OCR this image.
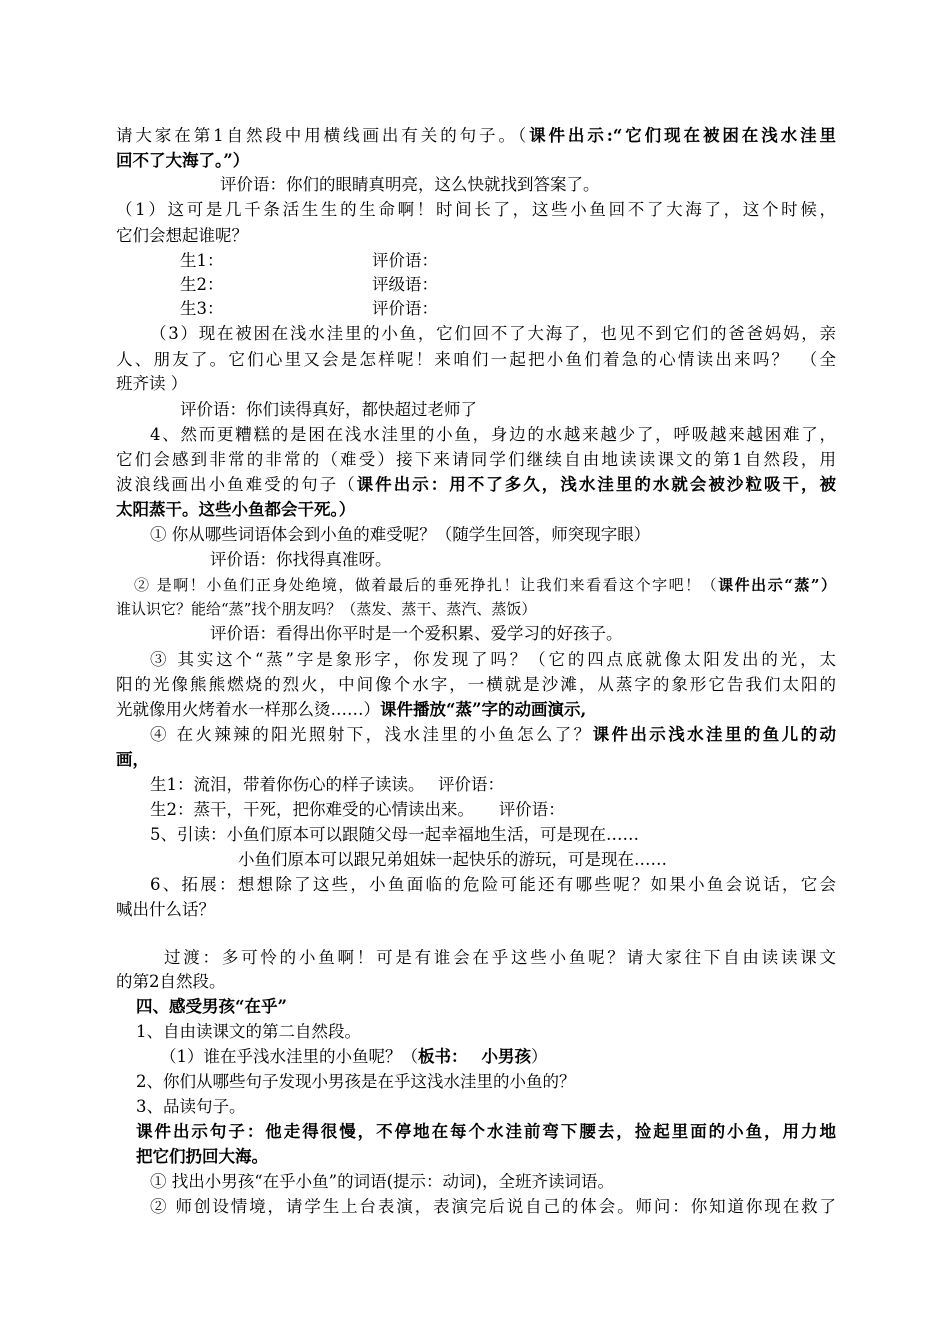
请大家在第1自然段中用横线画出有关的句子。（课件出示:“它们现在被困在浅水洼里
回不了大海了。”）
评价语：你们的眼睛真明亮，这么快就找到答案了。
（1）这可是几千条活生生的生命啊！时间长了，这些小鱼回不了大海了，这个时候，
它们会想起谁呢？
生1：	评价语：
生2：	评级语：
生3：	评价语：
（3）现在被困在浅水洼里的小鱼，它们回不了大海了，也见不到它们的爸爸妈妈，亲
人、朋友了。它们心里又会是怎样呢！来咱们一起把小鱼们着急的心情读出来吗？　（全
班齐读 ）
评价语：你们读得真好，都快超过老师了
4、然而更糟糕的是困在浅水洼里的小鱼，身边的水越来越少了，呼吸越来越困难了，
它们会感到非常的非常的（难受）接下来请同学们继续自由地读读课文的第1自然段，用
波浪线画出小鱼难受的句子（课件出示：用不了多久，浅水洼里的水就会被沙粒吸干，被
太阳蒸干。这些小鱼都会干死。）
① 你从哪些词语体会到小鱼的难受呢？（随学生回答，师突现字眼）
评价语：你找得真准呀。
② 是啊！小鱼们正身处绝境，做着最后的垂死挣扎！让我们来看看这个字吧！（课件出示“蒸”）
谁认识它？能给“蒸”找个朋友吗？（蒸发、蒸干、蒸汽、蒸饭）
评价语：看得出你平时是一个爱积累、爱学习的好孩子。
③ 其实这个“蒸”字是象形字，你发现了吗？（它的四点底就像太阳发出的光，太
阳的光像熊熊燃烧的烈火，中间像个水字，一横就是沙滩，从蒸字的象形它告我们太阳的
光就像用火烤着水一样那么烫……）课件播放“蒸”字的动画演示,
④ 在火辣辣的阳光照射下，浅水洼里的小鱼怎么了？课件出示浅水洼里的鱼儿的动
画，
生1：流泪，带着你伤心的样子读读。　 评价语：
生2：蒸干，干死，把你难受的心情读出来。　　评价语：
5、引读：小鱼们原本可以跟随父母一起幸福地生活，可是现在……
小鱼们原本可以跟兄弟姐妹一起快乐的游玩，可是现在……
6、拓展：想想除了这些，小鱼面临的危险可能还有哪些呢？如果小鱼会说话，它会
喊出什么话？
过渡：多可怜的小鱼啊！可是有谁会在乎这些小鱼呢？请大家往下自由读读课文
的第2自然段。
四、感受男孩“在乎”
1、自由读课文的第二自然段。
（1）谁在乎浅水洼里的小鱼呢？（板书：　 小男孩）
2、你们从哪些句子发现小男孩是在乎这浅水洼里的小鱼的？
3、品读句子。
课件出示句子：他走得很慢，不停地在每个水洼前弯下腰去，捡起里面的小鱼，用力地
把它们扔回大海。
① 找出小男孩“在乎小鱼”的词语(提示：动词)，全班齐读词语。
② 师创设情境，请学生上台表演，表演完后说自己的体会。师问：你知道你现在救了
